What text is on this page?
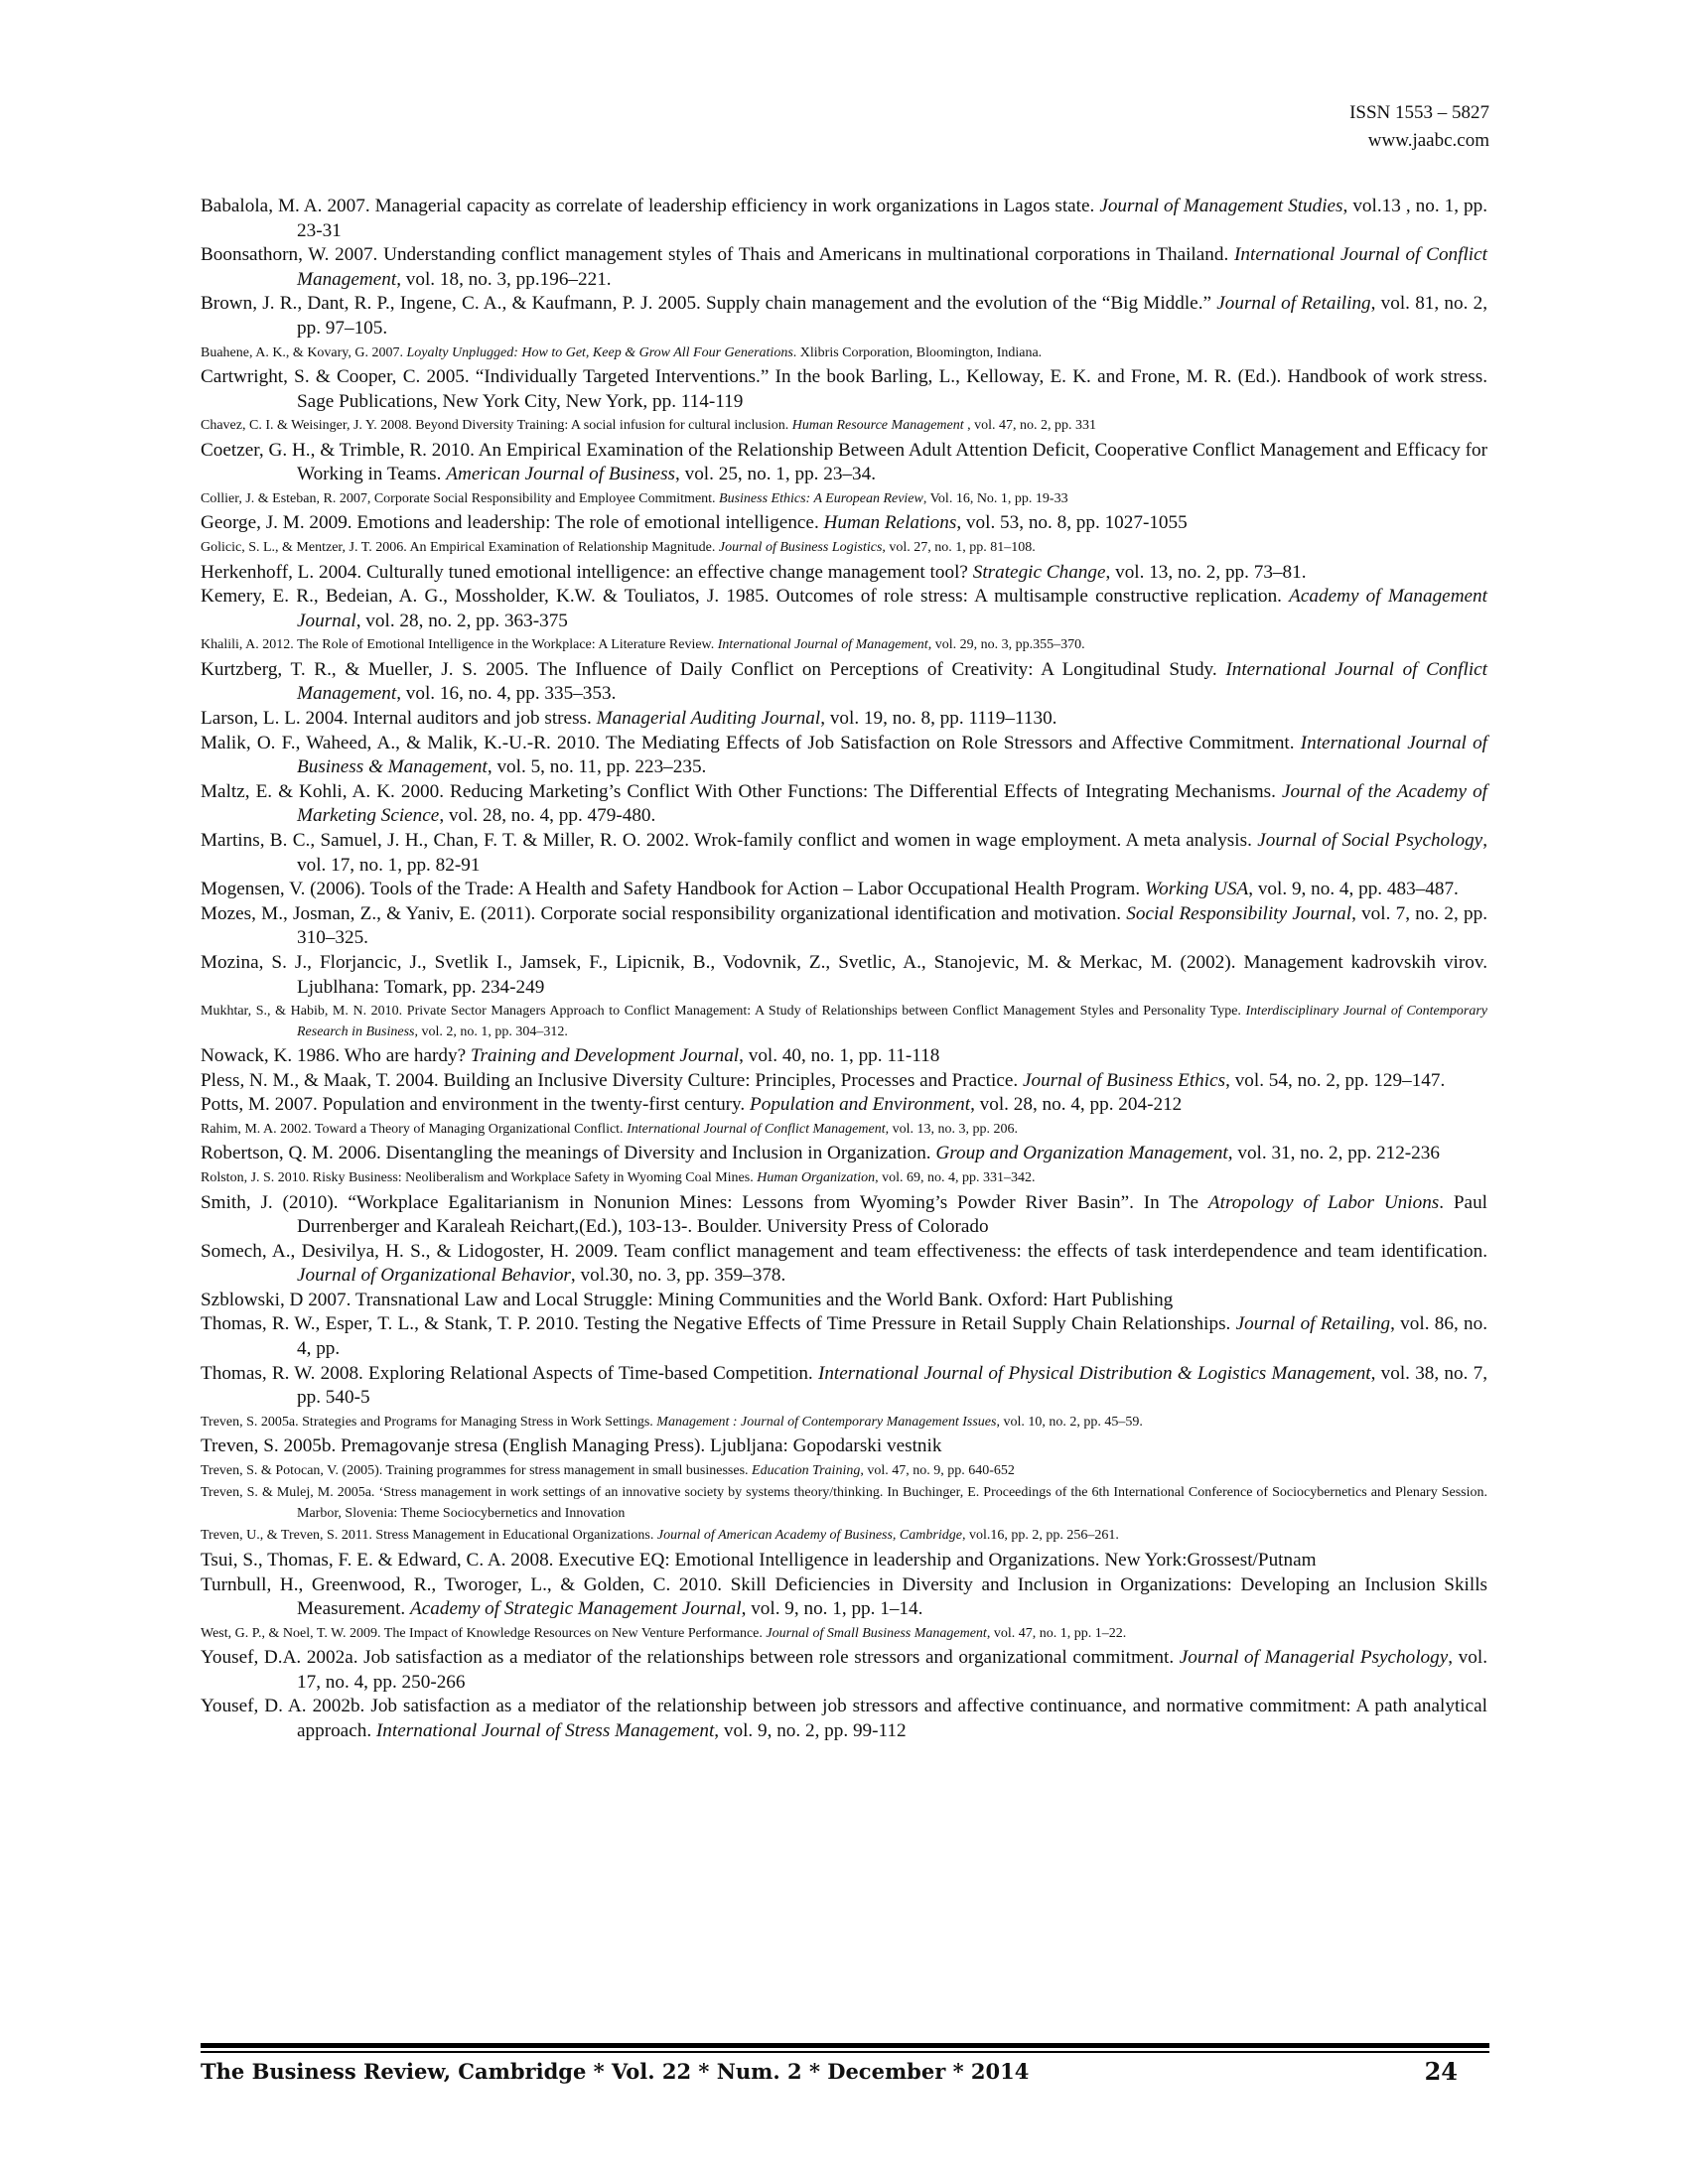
ISSN 1553 – 5827
www.jaabc.com

Babalola, M. A. 2007. Managerial capacity as correlate of leadership efficiency in work organizations in Lagos state. Journal of Management Studies, vol.13 , no. 1, pp. 23-31

Boonsathorn, W. 2007. Understanding conflict management styles of Thais and Americans in multinational corporations in Thailand. International Journal of Conflict Management, vol. 18, no. 3, pp.196–221.

Brown, J. R., Dant, R. P., Ingene, C. A., & Kaufmann, P. J. 2005. Supply chain management and the evolution of the “Big Middle.” Journal of Retailing, vol. 81, no. 2, pp. 97–105.

Buahene, A. K., & Kovary, G. 2007. Loyalty Unplugged: How to Get, Keep & Grow All Four Generations. Xlibris Corporation, Bloomington, Indiana.

Cartwright, S. & Cooper, C. 2005. “Individually Targeted Interventions.” In the book Barling, L., Kelloway, E. K. and Frone, M. R. (Ed.). Handbook of work stress. Sage Publications, New York City, New York, pp. 114-119

Chavez, C. I. & Weisinger, J. Y. 2008. Beyond Diversity Training: A social infusion for cultural inclusion. Human Resource Management , vol. 47, no. 2, pp. 331

Coetzer, G. H., & Trimble, R. 2010. An Empirical Examination of the Relationship Between Adult Attention Deficit, Cooperative Conflict Management and Efficacy for Working in Teams. American Journal of Business, vol. 25, no. 1, pp. 23–34.

Collier, J. & Esteban, R. 2007, Corporate Social Responsibility and Employee Commitment. Business Ethics: A European Review, Vol. 16, No. 1, pp. 19-33

George, J. M. 2009. Emotions and leadership: The role of emotional intelligence. Human Relations, vol. 53, no. 8, pp. 1027-1055

Golicic, S. L., & Mentzer, J. T. 2006. An Empirical Examination of Relationship Magnitude. Journal of Business Logistics, vol. 27, no. 1, pp. 81–108.

Herkenhoff, L. 2004. Culturally tuned emotional intelligence: an effective change management tool? Strategic Change, vol. 13, no. 2, pp. 73–81.

Kemery, E. R., Bedeian, A. G., Mossholder, K.W. & Touliatos, J. 1985. Outcomes of role stress: A multisample constructive replication. Academy of Management Journal, vol. 28, no. 2, pp. 363-375

Khalili, A. 2012. The Role of Emotional Intelligence in the Workplace: A Literature Review. International Journal of Management, vol. 29, no. 3, pp.355–370.

Kurtzberg, T. R., & Mueller, J. S. 2005. The Influence of Daily Conflict on Perceptions of Creativity: A Longitudinal Study. International Journal of Conflict Management, vol. 16, no. 4, pp. 335–353.

Larson, L. L. 2004. Internal auditors and job stress. Managerial Auditing Journal, vol. 19, no. 8, pp. 1119–1130.

Malik, O. F., Waheed, A., & Malik, K.-U.-R. 2010. The Mediating Effects of Job Satisfaction on Role Stressors and Affective Commitment. International Journal of Business & Management, vol. 5, no. 11, pp. 223–235.

Maltz, E. & Kohli, A. K. 2000. Reducing Marketing’s Conflict With Other Functions: The Differential Effects of Integrating Mechanisms. Journal of the Academy of Marketing Science, vol. 28, no. 4, pp. 479-480.

Martins, B. C., Samuel, J. H., Chan, F. T. & Miller, R. O. 2002. Wrok-family conflict and women in wage employment. A meta analysis. Journal of Social Psychology, vol. 17, no. 1, pp. 82-91

Mogensen, V. (2006). Tools of the Trade: A Health and Safety Handbook for Action – Labor Occupational Health Program. Working USA, vol. 9, no. 4, pp. 483–487.

Mozes, M., Josman, Z., & Yaniv, E. (2011). Corporate social responsibility organizational identification and motivation. Social Responsibility Journal, vol. 7, no. 2, pp. 310–325.

Mozina, S. J., Florjancic, J., Svetlik I., Jamsek, F., Lipicnik, B., Vodovnik, Z., Svetlic, A., Stanojevic, M. & Merkac, M. (2002). Management kadrovskih virov. Ljublhana: Tomark, pp. 234-249

Mukhtar, S., & Habib, M. N. 2010. Private Sector Managers Approach to Conflict Management: A Study of Relationships between Conflict Management Styles and Personality Type. Interdisciplinary Journal of Contemporary Research in Business, vol. 2, no. 1, pp. 304–312.

Nowack, K. 1986. Who are hardy? Training and Development Journal, vol. 40, no. 1, pp. 11-118

Pless, N. M., & Maak, T. 2004. Building an Inclusive Diversity Culture: Principles, Processes and Practice. Journal of Business Ethics, vol. 54, no. 2, pp. 129–147.

Potts, M. 2007. Population and environment in the twenty-first century. Population and Environment, vol. 28, no. 4, pp. 204-212

Rahim, M. A. 2002. Toward a Theory of Managing Organizational Conflict. International Journal of Conflict Management, vol. 13, no. 3, pp. 206.

Robertson, Q. M. 2006. Disentangling the meanings of Diversity and Inclusion in Organization. Group and Organization Management, vol. 31, no. 2, pp. 212-236

Rolston, J. S. 2010. Risky Business: Neoliberalism and Workplace Safety in Wyoming Coal Mines. Human Organization, vol. 69, no. 4, pp. 331–342.

Smith, J. (2010). “Workplace Egalitarianism in Nonunion Mines: Lessons from Wyoming’s Powder River Basin”. In The Atropology of Labor Unions. Paul Durrenberger and Karaleah Reichart,(Ed.), 103-13-. Boulder. University Press of Colorado

Somech, A., Desivilya, H. S., & Lidogoster, H. 2009. Team conflict management and team effectiveness: the effects of task interdependence and team identification. Journal of Organizational Behavior, vol.30, no. 3, pp. 359–378.

Szblowski, D 2007. Transnational Law and Local Struggle: Mining Communities and the World Bank. Oxford: Hart Publishing

Thomas, R. W., Esper, T. L., & Stank, T. P. 2010. Testing the Negative Effects of Time Pressure in Retail Supply Chain Relationships. Journal of Retailing, vol. 86, no. 4, pp.

Thomas, R. W. 2008. Exploring Relational Aspects of Time-based Competition. International Journal of Physical Distribution & Logistics Management, vol. 38, no. 7, pp. 540-5

Treven, S. 2005a. Strategies and Programs for Managing Stress in Work Settings. Management : Journal of Contemporary Management Issues, vol. 10, no. 2, pp. 45–59.

Treven, S. 2005b. Premagovanje stresa (English Managing Press). Ljubljana: Gopodarski vestnik

Treven, S. & Potocan, V. (2005). Training programmes for stress management in small businesses. Education Training, vol. 47, no. 9, pp. 640-652

Treven, S. & Mulej, M. 2005a. ‘Stress management in work settings of an innovative society by systems theory/thinking. In Buchinger, E. Proceedings of the 6th International Conference of Sociocybernetics and Plenary Session. Marbor, Slovenia: Theme Sociocybernetics and Innovation

Treven, U., & Treven, S. 2011. Stress Management in Educational Organizations. Journal of American Academy of Business, Cambridge, vol.16, pp. 2, pp. 256–261.

Tsui, S., Thomas, F. E. & Edward, C. A. 2008. Executive EQ: Emotional Intelligence in leadership and Organizations. New York:Grossest/Putnam

Turnbull, H., Greenwood, R., Tworoger, L., & Golden, C. 2010. Skill Deficiencies in Diversity and Inclusion in Organizations: Developing an Inclusion Skills Measurement. Academy of Strategic Management Journal, vol. 9, no. 1, pp. 1–14.

West, G. P., & Noel, T. W. 2009. The Impact of Knowledge Resources on New Venture Performance. Journal of Small Business Management, vol. 47, no. 1, pp. 1–22.

Yousef, D.A. 2002a. Job satisfaction as a mediator of the relationships between role stressors and organizational commitment. Journal of Managerial Psychology, vol. 17, no. 4, pp. 250-266

Yousef, D. A. 2002b. Job satisfaction as a mediator of the relationship between job stressors and affective continuance, and normative commitment: A path analytical approach. International Journal of Stress Management, vol. 9, no. 2, pp. 99-112

The Business Review, Cambridge * Vol. 22 * Num. 2 * December * 2014	24
